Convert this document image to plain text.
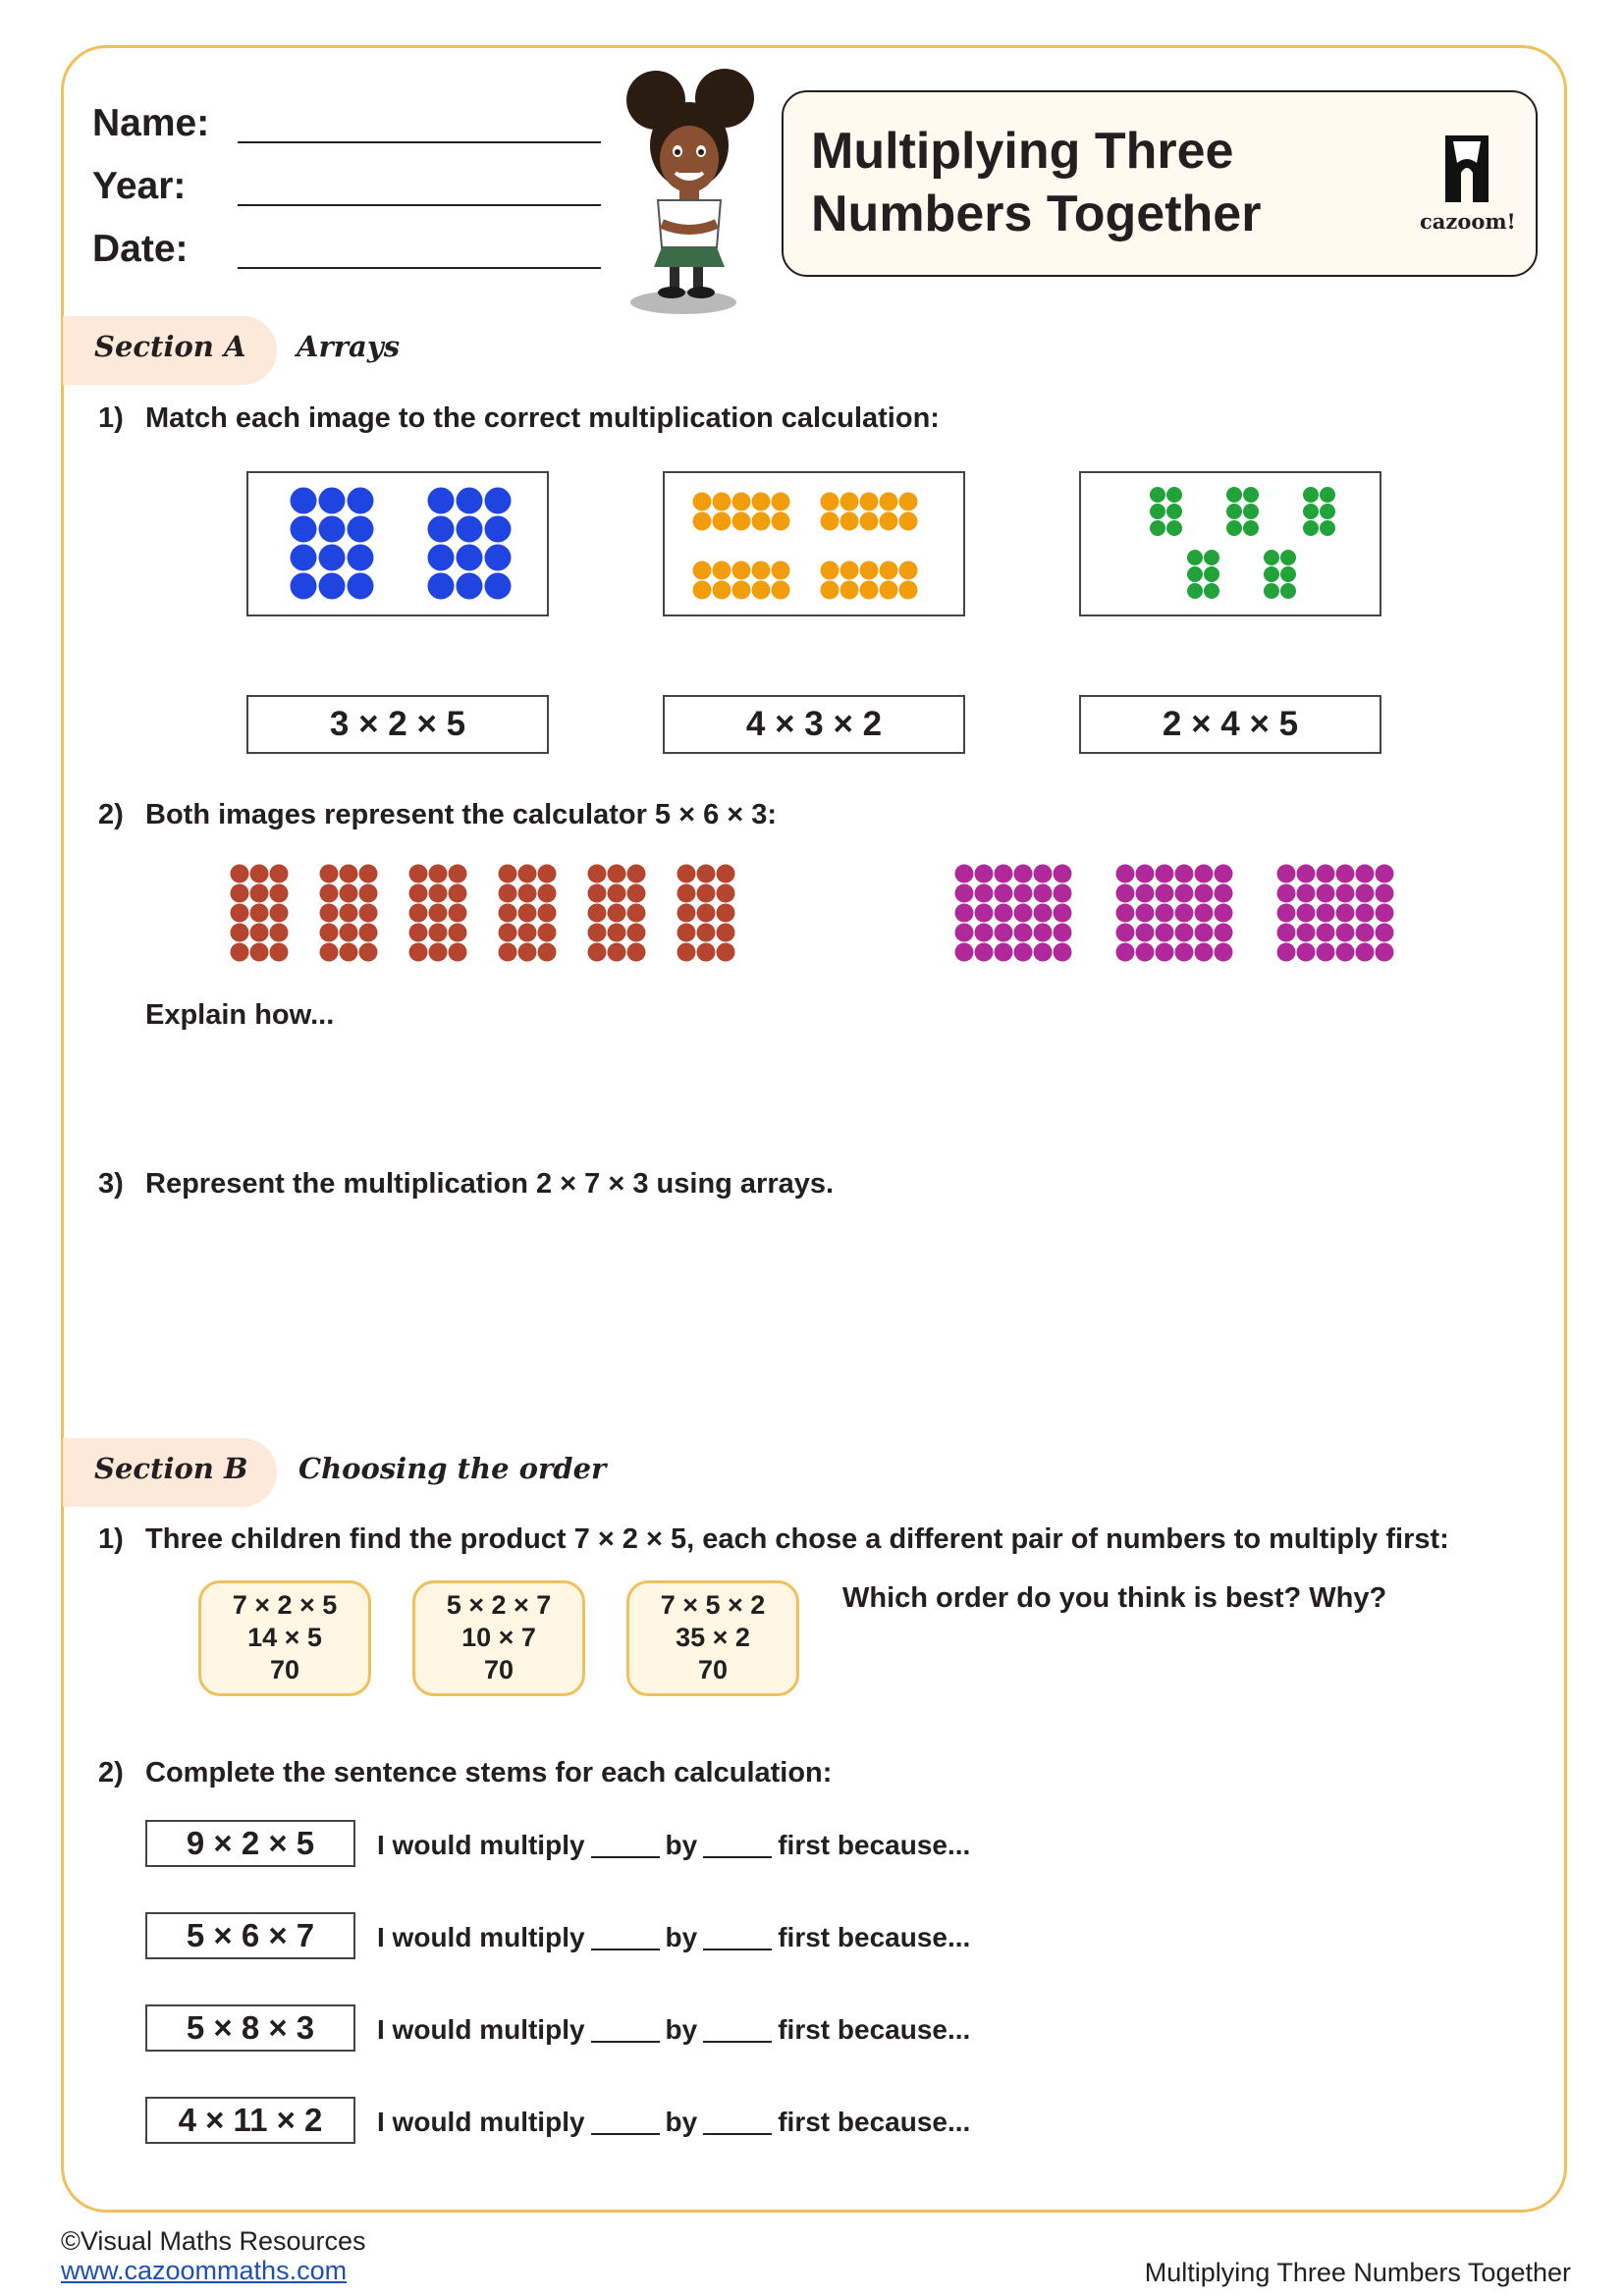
Name:
Year:
Date:
Multiplying Three
Numbers Together	cazoom!
Section A Arrays
1) Match each image to the correct multiplication calculation:
3 × 2 × 5	4 × 3 × 2	2 × 4 × 5
2) Both images represent the calculator 5 × 6 × 3:
Explain how...
3) Represent the multiplication 2 × 7 × 3 using arrays.
Section B Choosing the order
1) Three children find the product 7 × 2 × 5, each chose a different pair of numbers to multiply first:
7 × 2 × 5
14 × 5
70
5 × 2 × 7
10 × 7
70
7 × 5 × 2
35 × 2
70
Which order do you think is best? Why?
2) Complete the sentence stems for each calculation:
9 × 2 × 5	I would multiply	by	first because...
5 × 6 × 7	I would multiply	by	first because...
5 × 8 × 3	I would multiply	by	first because...
4 × 11 × 2	I would multiply	by	first because...
©Visual Maths Resources
www.cazoommaths.com	Multiplying Three Numbers Together
